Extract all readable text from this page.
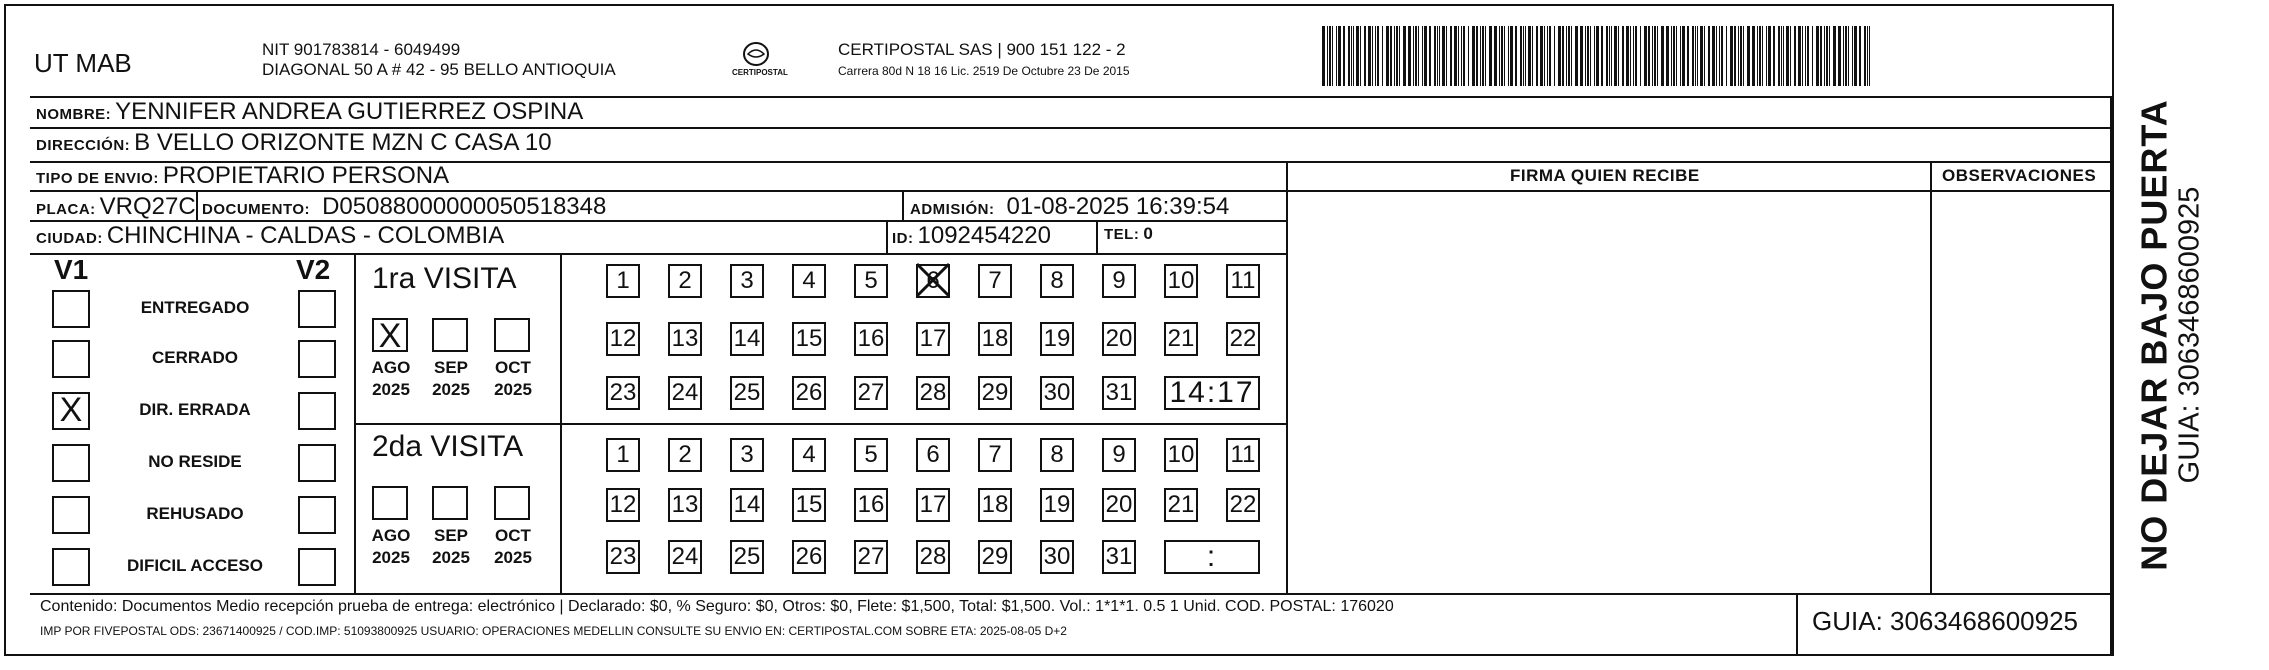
UT MAB	NIT 901783814 - 6049499
DIAGONAL 50 A # 42 - 95 BELLO ANTIOQUIA	CERTIPOSTAL
CERTIPOSTAL SAS | 900 151 122 - 2
Carrera 80d N 18 16 Lic. 2519 De Octubre 23 De 2015
NOMBRE: YENNIFER ANDREA GUTIERREZ OSPINA
DIRECCIÓN: B VELLO ORIZONTE MZN C CASA 10
TIPO DE ENVIO: PROPIETARIO PERSONA	FIRMA QUIEN RECIBE	OBSERVACIONES
PLACA: VRQ27C DOCUMENTO: D05088000000050518348	ADMISIÓN: 01-08-2025 16:39:54
CIUDAD: CHINCHINA - CALDAS - COLOMBIA	ID: 1092454220	TEL: 0
V1	V2
ENTREGADO
CERRADO
X	DIR. ERRADA
NO RESIDE
REHUSADO
DIFICIL ACCESO
1ra VISITA
X
AGO
2025
SEP
2025
OCT
2025
1	2	3	4	5	6	7	8	9	10 11
12 13 14 15 16 17 18 19 20 21 22
23 24 25 26 27 28 29 30 31 14:17
2da VISITA
AGO
2025
SEP
2025
OCT
2025
1	2	3	4	5	6	7	8	9	10 11
12 13 14 15 16 17 18 19 20 21 22
23 24 25 26 27 28 29 30 31	:
Contenido: Documentos Medio recepción prueba de entrega: electrónico | Declarado: $0, % Seguro: $0, Otros: $0, Flete: $1,500, Total: $1,500. Vol.: 1*1*1. 0.5 1 Unid. COD. POSTAL: 176020
IMP POR FIVEPOSTAL ODS: 23671400925 / COD.IMP: 51093800925 USUARIO: OPERACIONES MEDELLIN CONSULTE SU ENVIO EN: CERTIPOSTAL.COM SOBRE ETA: 2025-08-05 D+2	GUIA: 3063468600925
NO DEJAR BAJO PUERTA GUIA: 3063468600925
